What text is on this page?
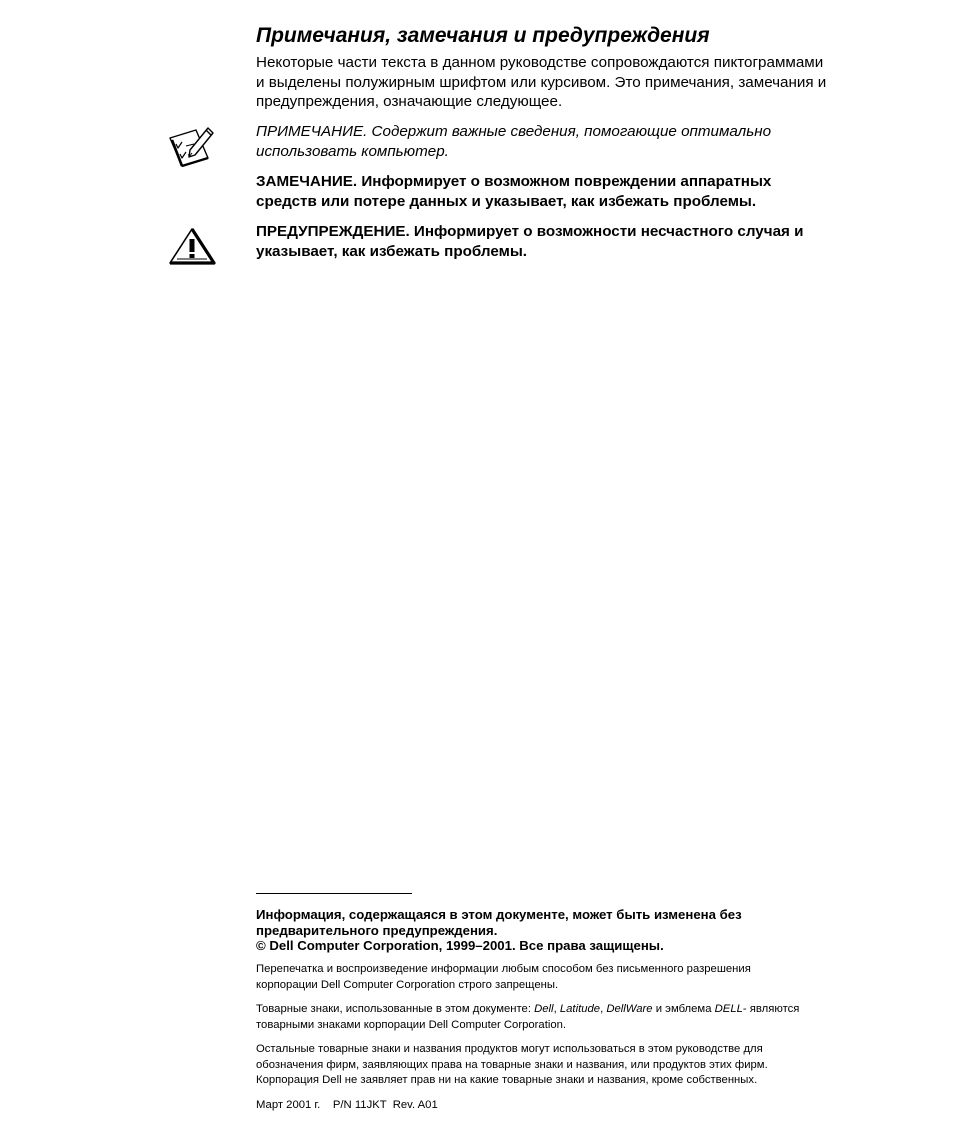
Примечания, замечания и предупреждения

Некоторые части текста в данном руководстве сопровождаются пиктограммами
и выделены полужирным шрифтом или курсивом. Это примечания, замечания и
предупреждения, означающие следующее.

ПРИМЕЧАНИЕ. Содержит важные сведения, помогающие оптимально
использовать компьютер.

ЗАМЕЧАНИЕ. Информирует о возможном повреждении аппаратных
средств или потере данных и указывает, как избежать проблемы.

ПРЕДУПРЕЖДЕНИЕ. Информирует о возможности несчастного случая и
указывает, как избежать проблемы.

Информация, содержащаяся в этом документе, может быть изменена без
предварительного предупреждения.
© Dell Computer Corporation, 1999–2001. Все права защищены.

Перепечатка и воспроизведение информации любым способом без письменного разрешения
корпорации Dell Computer Corporation строго запрещены.

Товарные знаки, использованные в этом документе: Dell, Latitude, DellWare и эмблема DELL- являются
товарными знаками корпорации Dell Computer Corporation.

Остальные товарные знаки и названия продуктов могут использоваться в этом руководстве для
обозначения фирм, заявляющих права на товарные знаки и названия, или продуктов этих фирм.
Корпорация Dell не заявляет прав ни на какие товарные знаки и названия, кроме собственных.

Март 2001 г.    P/N 11JKT  Rev. A01
